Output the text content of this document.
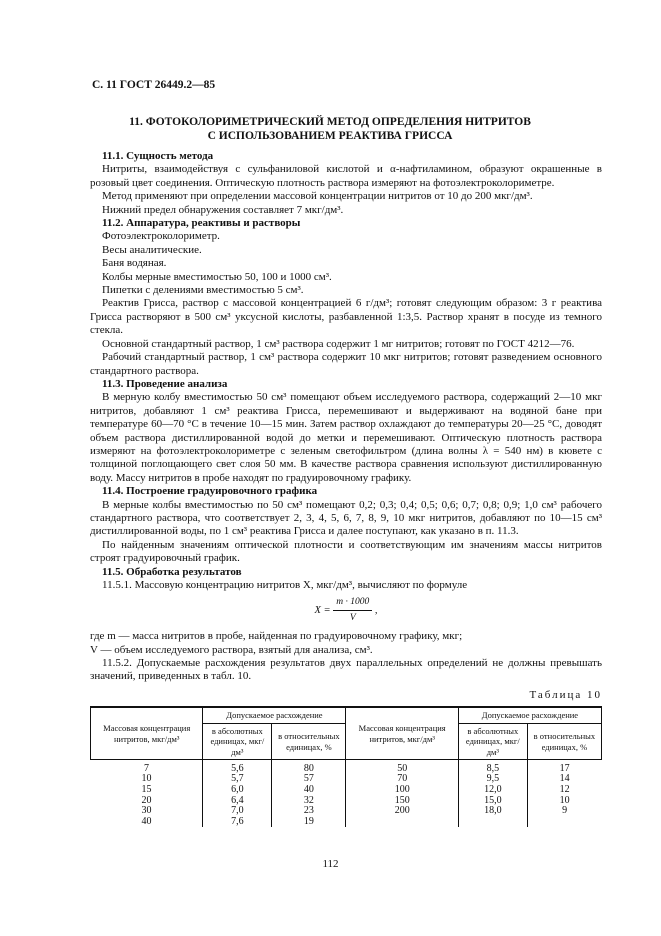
С. 11 ГОСТ 26449.2—85
11. ФОТОКОЛОРИМЕТРИЧЕСКИЙ МЕТОД ОПРЕДЕЛЕНИЯ НИТРИТОВ
С ИСПОЛЬЗОВАНИЕМ РЕАКТИВА ГРИССА

11.1. Сущность метода

Нитриты, взаимодействуя с сульфаниловой кислотой и α-нафтиламином, образуют окрашенные в розовый цвет соединения. Оптическую плотность раствора измеряют на фотоэлектроколориметре.

Метод применяют при определении массовой концентрации нитритов от 10 до 200 мкг/дм³.

Нижний предел обнаружения составляет 7 мкг/дм³.

11.2. Аппаратура, реактивы и растворы

Фотоэлектроколориметр.

Весы аналитические.

Баня водяная.

Колбы мерные вместимостью 50, 100 и 1000 см³.

Пипетки с делениями вместимостью 5 см³.

Реактив Грисса, раствор с массовой концентрацией 6 г/дм³; готовят следующим образом: 3 г реактива Грисса растворяют в 500 см³ уксусной кислоты, разбавленной 1:3,5. Раствор хранят в посуде из темного стекла.

Основной стандартный раствор, 1 см³ раствора содержит 1 мг нитритов; готовят по ГОСТ 4212—76.

Рабочий стандартный раствор, 1 см³ раствора содержит 10 мкг нитритов; готовят разведением основного стандартного раствора.

11.3. Проведение анализа

В мерную колбу вместимостью 50 см³ помещают объем исследуемого раствора, содержащий 2—10 мкг нитритов, добавляют 1 см³ реактива Грисса, перемешивают и выдерживают на водяной бане при температуре 60—70 °С в течение 10—15 мин. Затем раствор охлаждают до температуры 20—25 °С, доводят объем раствора дистиллированной водой до метки и перемешивают. Оптическую плотность раствора измеряют на фотоэлектроколориметре с зеленым светофильтром (длина волны λ = 540 нм) в кювете с толщиной поглощающего свет слоя 50 мм. В качестве раствора сравнения используют дистиллированную воду. Массу нитритов в пробе находят по градуировочному графику.

11.4. Построение градуировочного графика

В мерные колбы вместимостью по 50 см³ помещают 0,2; 0,3; 0,4; 0,5; 0,6; 0,7; 0,8; 0,9; 1,0 см³ рабочего стандартного раствора, что соответствует 2, 3, 4, 5, 6, 7, 8, 9, 10 мкг нитритов, добавляют по 10—15 см³ дистиллированной воды, по 1 см³ реактива Грисса и далее поступают, как указано в п. 11.3.

По найденным значениям оптической плотности и соответствующим им значениям массы нитритов строят градуировочный график.

11.5. Обработка результатов

11.5.1. Массовую концентрацию нитритов X, мкг/дм³, вычисляют по формуле

$X = \frac{m \cdot 1000}{V}$ ,

где m — масса нитритов в пробе, найденная по градуировочному графику, мкг;

V — объем исследуемого раствора, взятый для анализа, см³.

11.5.2. Допускаемые расхождения результатов двух параллельных определений не должны превышать значений, приведенных в табл. 10.

Таблица 10
Массовая концентрация нитритов, мкг/дм³	Допускаемое расхождение		Массовая концентрация нитритов, мкг/дм³	Допускаемое расхождение	
	в абсолютных единицах, мкг/дм³	в относительных единицах, %		в абсолютных единицах, мкг/дм³	в относительных единицах, %

7	5,6	80	50	8,5	17
10	5,7	57	70	9,5	14
15	6,0	40	100	12,0	12
20	6,4	32	150	15,0	10
30	7,0	23	200	18,0	9
40	7,6	19			
112
